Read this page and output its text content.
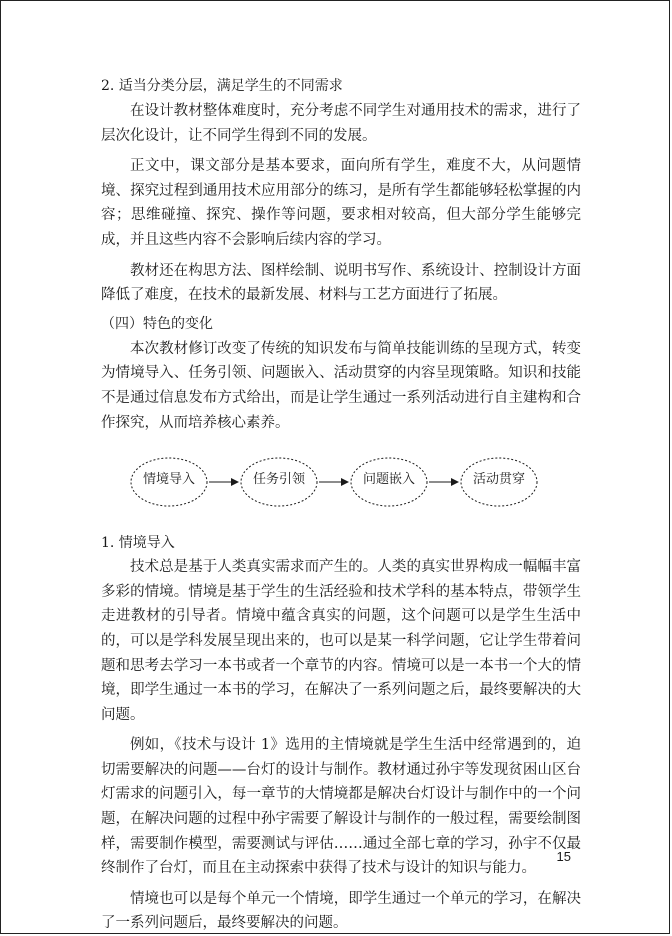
2. 适当分类分层，满足学生的不同需求

在设计教材整体难度时，充分考虑不同学生对通用技术的需求，进行了层次化设计，让不同学生得到不同的发展。

正文中，课文部分是基本要求，面向所有学生，难度不大，从问题情境、探究过程到通用技术应用部分的练习，是所有学生都能够轻松掌握的内容；思维碰撞、探究、操作等问题，要求相对较高，但大部分学生能够完成，并且这些内容不会影响后续内容的学习。

教材还在构思方法、图样绘制、说明书写作、系统设计、控制设计方面降低了难度，在技术的最新发展、材料与工艺方面进行了拓展。

（四）特色的变化

本次教材修订改变了传统的知识发布与简单技能训练的呈现方式，转变为情境导入、任务引领、问题嵌入、活动贯穿的内容呈现策略。知识和技能不是通过信息发布方式给出，而是让学生通过一系列活动进行自主建构和合作探究，从而培养核心素养。

情境导入	任务引领	问题嵌入	活动贯穿
1. 情境导入

技术总是基于人类真实需求而产生的。人类的真实世界构成一幅幅丰富多彩的情境。情境是基于学生的生活经验和技术学科的基本特点，带领学生走进教材的引导者。情境中蕴含真实的问题，这个问题可以是学生生活中的，可以是学科发展呈现出来的，也可以是某一科学问题，它让学生带着问题和思考去学习一本书或者一个章节的内容。情境可以是一本书一个大的情境，即学生通过一本书的学习，在解决了一系列问题之后，最终要解决的大问题。

例如，《技术与设计 1》选用的主情境就是学生生活中经常遇到的，迫切需要解决的问题——台灯的设计与制作。教材通过孙宇等发现贫困山区台灯需求的问题引入，每一章节的大情境都是解决台灯设计与制作中的一个问题，在解决问题的过程中孙宇需要了解设计与制作的一般过程，需要绘制图样，需要制作模型，需要测试与评估……通过全部七章的学习，孙宇不仅最终制作了台灯，而且在主动探索中获得了技术与设计的知识与能力。

情境也可以是每个单元一个情境，即学生通过一个单元的学习，在解决了一系列问题后，最终要解决的问题。

15
